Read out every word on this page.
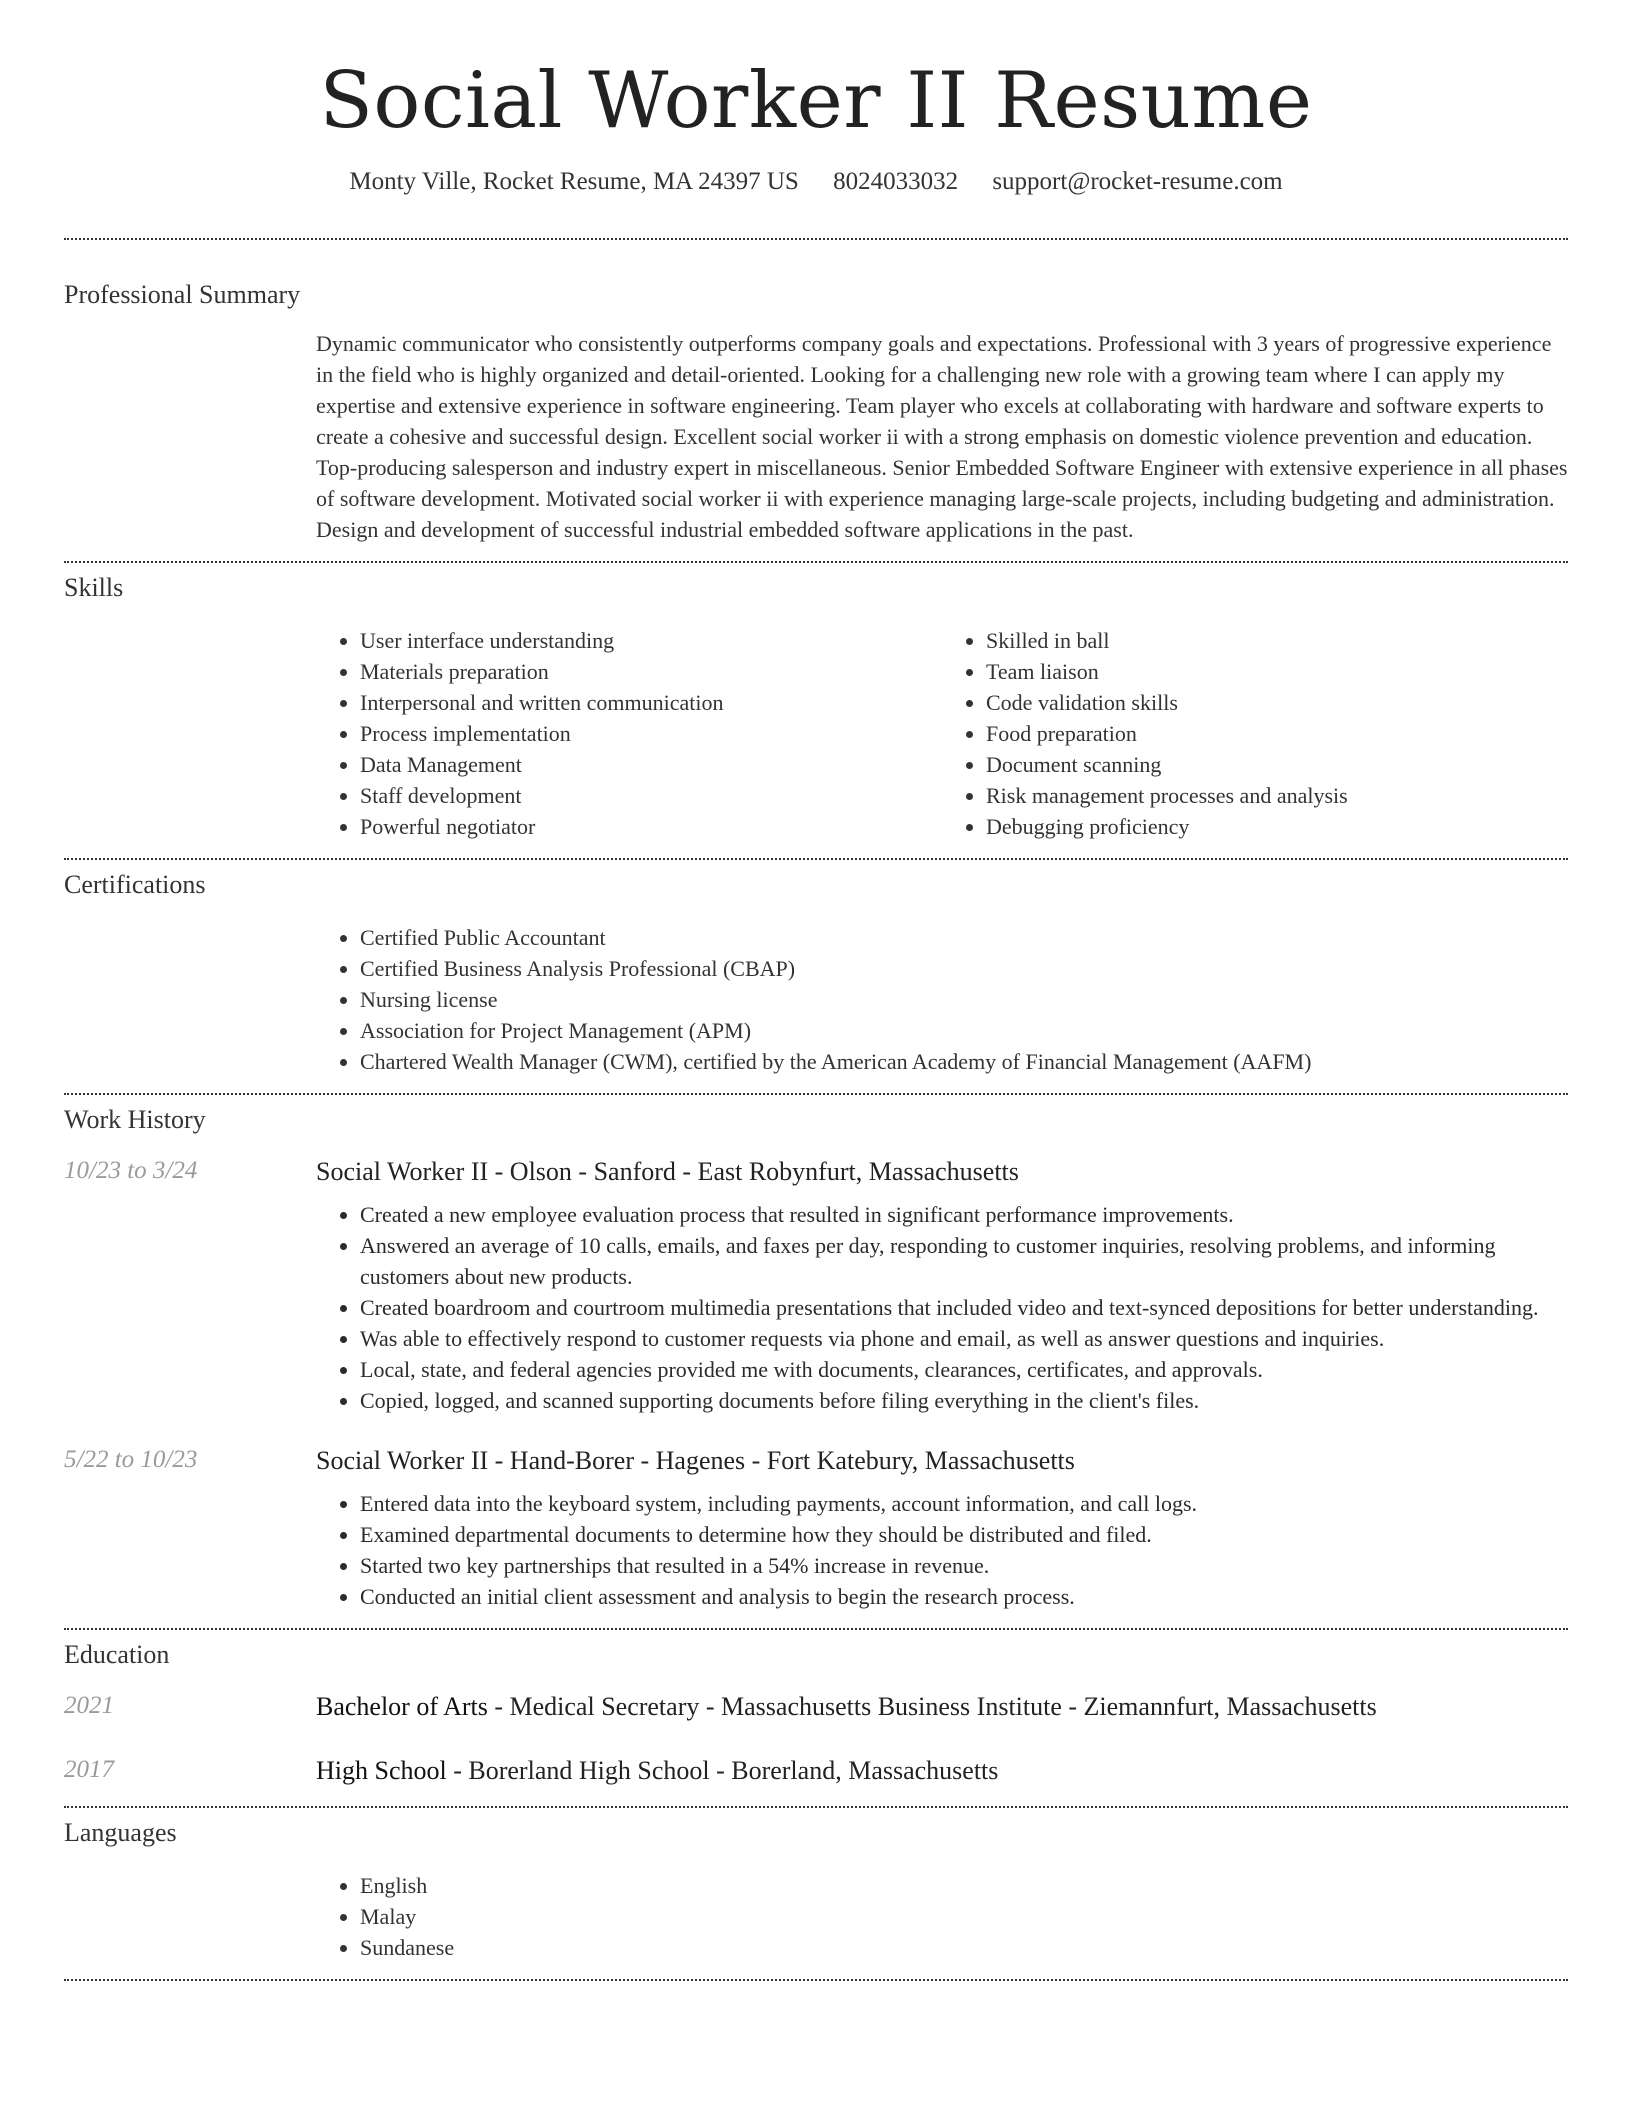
Social Worker II Resume
Monty Ville, Rocket Resume, MA 24397 US 8024033032 support@rocket-resume.com
Professional Summary

Dynamic communicator who consistently outperforms company goals and expectations. Professional with 3 years of progressive experience in the field who is highly organized and detail-oriented. Looking for a challenging new role with a growing team where I can apply my expertise and extensive experience in software engineering. Team player who excels at collaborating with hardware and software experts to create a cohesive and successful design. Excellent social worker ii with a strong emphasis on domestic violence prevention and education. Top-producing salesperson and industry expert in miscellaneous. Senior Embedded Software Engineer with extensive experience in all phases of software development. Motivated social worker ii with experience managing large-scale projects, including budgeting and administration. Design and development of successful industrial embedded software applications in the past.

Skills
• User interface understanding
• Materials preparation
• Interpersonal and written communication
• Process implementation
• Data Management
• Staff development
• Powerful negotiator
• Skilled in ball
• Team liaison
• Code validation skills
• Food preparation
• Document scanning
• Risk management processes and analysis
• Debugging proficiency
Certifications
• Certified Public Accountant
• Certified Business Analysis Professional (CBAP)
• Nursing license
• Association for Project Management (APM)
• Chartered Wealth Manager (CWM), certified by the American Academy of Financial Management (AAFM)
Work History
10/23 to 3/24	Social Worker II - Olson - Sanford - East Robynfurt, Massachusetts
• Created a new employee evaluation process that resulted in significant performance improvements.
• Answered an average of 10 calls, emails, and faxes per day, responding to customer inquiries, resolving problems, and informing customers about new products.
• Created boardroom and courtroom multimedia presentations that included video and text-synced depositions for better understanding.
• Was able to effectively respond to customer requests via phone and email, as well as answer questions and inquiries.
• Local, state, and federal agencies provided me with documents, clearances, certificates, and approvals.
• Copied, logged, and scanned supporting documents before filing everything in the client's files.
5/22 to 10/23	Social Worker II - Hand-Borer - Hagenes - Fort Katebury, Massachusetts
• Entered data into the keyboard system, including payments, account information, and call logs.
• Examined departmental documents to determine how they should be distributed and filed.
• Started two key partnerships that resulted in a 54% increase in revenue.
• Conducted an initial client assessment and analysis to begin the research process.
Education
2021	Bachelor of Arts - Medical Secretary - Massachusetts Business Institute - Ziemannfurt, Massachusetts
2017	High School - Borerland High School - Borerland, Massachusetts
Languages
• English
• Malay
• Sundanese
